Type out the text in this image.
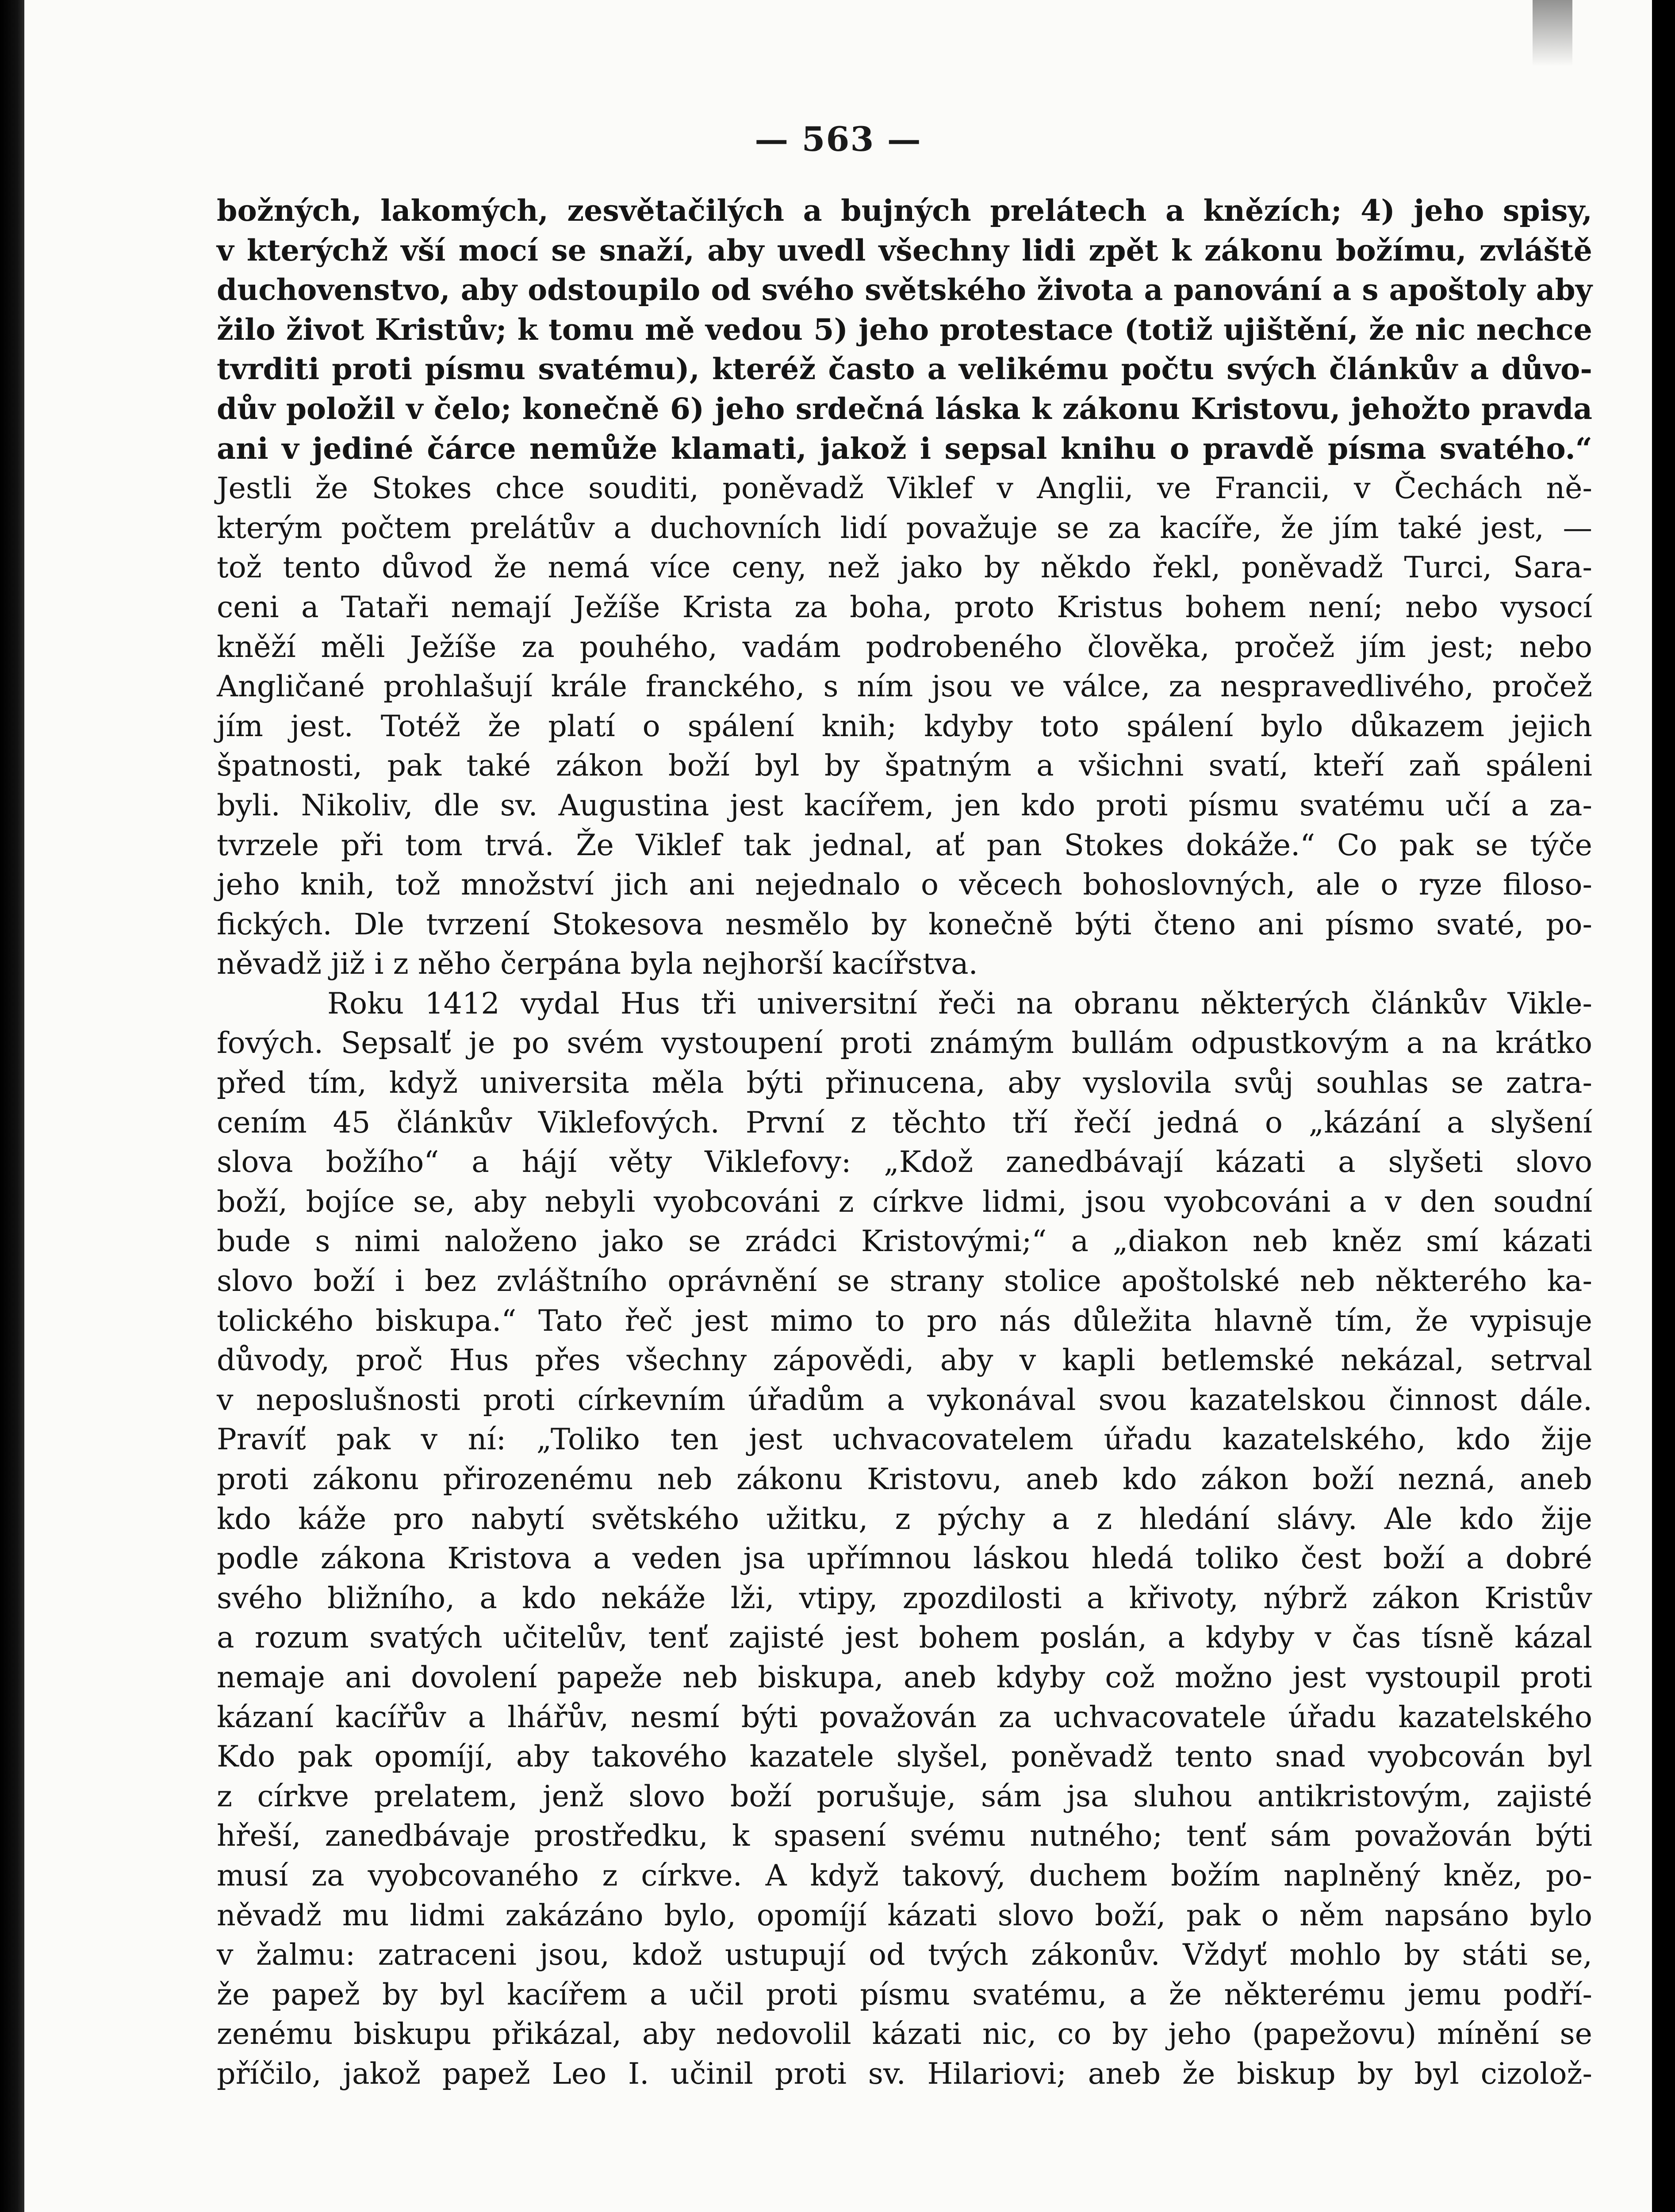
— 563 —
božných, lakomých, zesvětačilých a bujných prelátech a knězích; 4) jeho spisy,
v kterýchž vší mocí se snaží, aby uvedl všechny lidi zpět k zákonu božímu, zvláště
duchovenstvo, aby odstoupilo od svého světského života a panování a s apoštoly aby
žilo život Kristův; k tomu mě vedou 5) jeho protestace (totiž ujištění, že nic nechce
tvrditi proti písmu svatému), kteréž často a velikému počtu svých článkův a důvo-
dův položil v čelo; konečně 6) jeho srdečná láska k zákonu Kristovu, jehožto pravda
ani v jediné čárce nemůže klamati, jakož i sepsal knihu o pravdě písma svatého.“
Jestli že Stokes chce souditi, poněvadž Viklef v Anglii, ve Francii, v Čechách ně-
kterým počtem prelátův a duchovních lidí považuje se za kacíře, že jím také jest, —
tož tento důvod že nemá více ceny, než jako by někdo řekl, poněvadž Turci, Sara-
ceni a Tataři nemají Ježíše Krista za boha, proto Kristus bohem není; nebo vysocí
kněží měli Ježíše za pouhého, vadám podrobeného člověka, pročež jím jest; nebo
Angličané prohlašují krále franckého, s ním jsou ve válce, za nespravedlivého, pročež
jím jest. Totéž že platí o spálení knih; kdyby toto spálení bylo důkazem jejich
špatnosti, pak také zákon boží byl by špatným a všichni svatí, kteří zaň spáleni
byli. Nikoliv, dle sv. Augustina jest kacířem, jen kdo proti písmu svatému učí a za-
tvrzele při tom trvá. Že Viklef tak jednal, ať pan Stokes dokáže.“ Co pak se týče
jeho knih, tož množství jich ani nejednalo o věcech bohoslovných, ale o ryze filoso-
fických. Dle tvrzení Stokesova nesmělo by konečně býti čteno ani písmo svaté, po-
něvadž již i z něho čerpána byla nejhorší kacířstva.
Roku 1412 vydal Hus tři universitní řeči na obranu některých článkův Vikle-
fových. Sepsalť je po svém vystoupení proti známým bullám odpustkovým a na krátko
před tím, když universita měla býti přinucena, aby vyslovila svůj souhlas se zatra-
cením 45 článkův Viklefových. První z těchto tří řečí jedná o „kázání a slyšení
slova božího“ a hájí věty Viklefovy: „Kdož zanedbávají kázati a slyšeti slovo
boží, bojíce se, aby nebyli vyobcováni z církve lidmi, jsou vyobcováni a v den soudní
bude s nimi naloženo jako se zrádci Kristovými;“ a „diakon neb kněz smí kázati
slovo boží i bez zvláštního oprávnění se strany stolice apoštolské neb některého ka-
tolického biskupa.“ Tato řeč jest mimo to pro nás důležita hlavně tím, že vypisuje
důvody, proč Hus přes všechny zápovědi, aby v kapli betlemské nekázal, setrval
v neposlušnosti proti církevním úřadům a vykonával svou kazatelskou činnost dále.
Pravíť pak v ní: „Toliko ten jest uchvacovatelem úřadu kazatelského, kdo žije
proti zákonu přirozenému neb zákonu Kristovu, aneb kdo zákon boží nezná, aneb
kdo káže pro nabytí světského užitku, z pýchy a z hledání slávy. Ale kdo žije
podle zákona Kristova a veden jsa upřímnou láskou hledá toliko čest boží a dobré
svého bližního, a kdo nekáže lži, vtipy, zpozdilosti a křivoty, nýbrž zákon Kristův
a rozum svatých učitelův, tenť zajisté jest bohem poslán, a kdyby v čas tísně kázal
nemaje ani dovolení papeže neb biskupa, aneb kdyby což možno jest vystoupil proti
kázaní kacířův a lhářův, nesmí býti považován za uchvacovatele úřadu kazatelského
Kdo pak opomíjí, aby takového kazatele slyšel, poněvadž tento snad vyobcován byl
z církve prelatem, jenž slovo boží porušuje, sám jsa sluhou antikristovým, zajisté
hřeší, zanedbávaje prostředku, k spasení svému nutného; tenť sám považován býti
musí za vyobcovaného z církve. A když takový, duchem božím naplněný kněz, po-
něvadž mu lidmi zakázáno bylo, opomíjí kázati slovo boží, pak o něm napsáno bylo
v žalmu: zatraceni jsou, kdož ustupují od tvých zákonův. Vždyť mohlo by státi se,
že papež by byl kacířem a učil proti písmu svatému, a že některému jemu podří-
zenému biskupu přikázal, aby nedovolil kázati nic, co by jeho (papežovu) mínění se
příčilo, jakož papež Leo I. učinil proti sv. Hilariovi; aneb že biskup by byl cizolož-
